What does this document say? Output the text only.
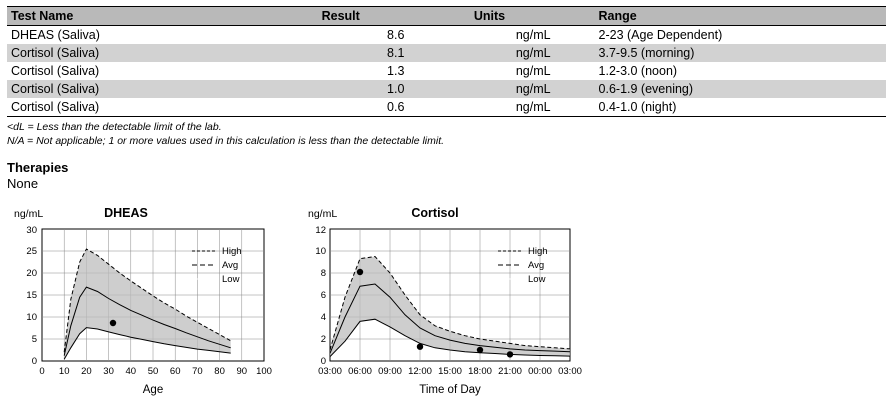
Test Name	Result	Units	Range
DHEAS (Saliva)	8.6	ng/mL	2-23 (Age Dependent)
Cortisol (Saliva)	8.1	ng/mL	3.7-9.5 (morning)
Cortisol (Saliva)	1.3	ng/mL	1.2-3.0 (noon)
Cortisol (Saliva)	1.0	ng/mL	0.6-1.9 (evening)
Cortisol (Saliva)	0.6	ng/mL	0.4-1.0 (night)
<dL = Less than the detectable limit of the lab.
N/A = Not applicable; 1 or more values used in this calculation is less than the detectable limit.
Therapies
None
ng/mL	DHEAS
0
5
10
15
20
25
30
0 10 20 30 40 50 60 70 80 90 100
Age
High
Avg
Low
ng/mL	Cortisol
0
2
4
6
8
10
12
03:00 06:00 09:00 12:00 15:00 18:00 21:00 00:00 03:00
Time of Day
High
Avg
Low
